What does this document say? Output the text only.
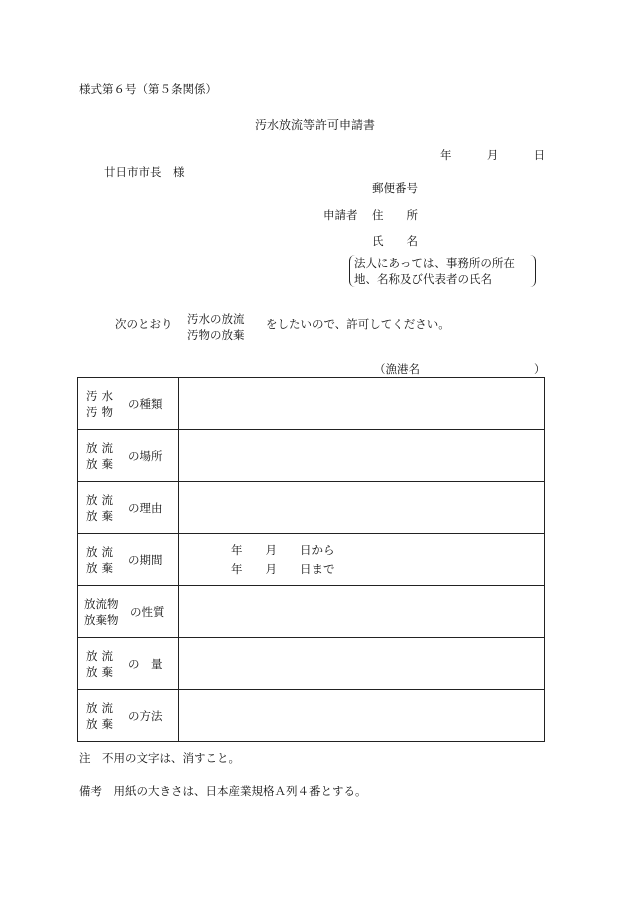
様式第６号（第５条関係）
汚水放流等許可申請書
年	月	日
廿日市市長　様
郵便番号
申請者 住　　所
氏　　名
法人にあっては、事務所の所在
地、名称及び代表者の氏名
次のとおり 汚水の放流
汚物の放棄
をしたいので、許可してください。
（漁港名	）
汚水
汚物
の種類	

放流
放棄
の場所	

放流
放棄
の理由	

放流
放棄
の期間	年　　月　　日から
年　　月　　日まで

放流物
放棄物
の性質	

放流
放棄
の　量	

放流
放棄
の方法	

注　不用の文字は、消すこと。
備考　用紙の大きさは、日本産業規格Ａ列４番とする。
